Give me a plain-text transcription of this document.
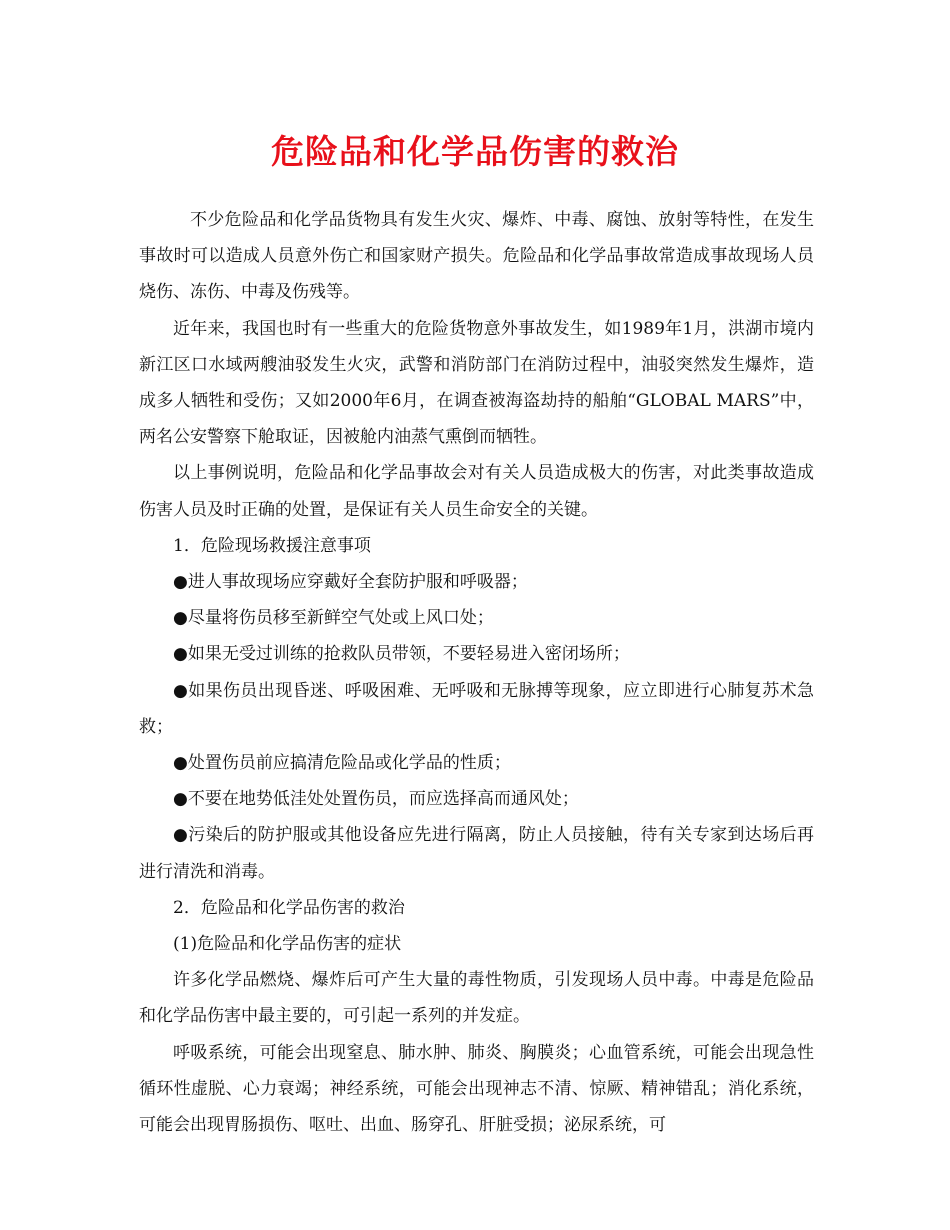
危险品和化学品伤害的救治

不少危险品和化学品货物具有发生火灾、爆炸、中毒、腐蚀、放射等特性，在发生事故时可以造成人员意外伤亡和国家财产损失。危险品和化学品事故常造成事故现场人员烧伤、冻伤、中毒及伤残等。

近年来，我国也时有一些重大的危险货物意外事故发生，如1989年1月，洪湖市境内新江区口水域两艘油驳发生火灾，武警和消防部门在消防过程中，油驳突然发生爆炸，造成多人牺牲和受伤；又如2000年6月，在调查被海盗劫持的船舶“GLOBAL MARS”中，两名公安警察下舱取证，因被舱内油蒸气熏倒而牺牲。

以上事例说明，危险品和化学品事故会对有关人员造成极大的伤害，对此类事故造成伤害人员及时正确的处置，是保证有关人员生命安全的关键。

1．危险现场救援注意事项

●进人事故现场应穿戴好全套防护服和呼吸器；

●尽量将伤员移至新鲜空气处或上风口处；

●如果无受过训练的抢救队员带领，不要轻易进入密闭场所；

●如果伤员出现昏迷、呼吸困难、无呼吸和无脉搏等现象，应立即进行心肺复苏术急救；

●处置伤员前应搞清危险品或化学品的性质；

●不要在地势低洼处处置伤员，而应选择高而通风处；

●污染后的防护服或其他设备应先进行隔离，防止人员接触，待有关专家到达场后再进行清洗和消毒。

2．危险品和化学品伤害的救治

(1)危险品和化学品伤害的症状

许多化学品燃烧、爆炸后可产生大量的毒性物质，引发现场人员中毒。中毒是危险品和化学品伤害中最主要的，可引起一系列的并发症。

呼吸系统，可能会出现窒息、肺水肿、肺炎、胸膜炎；心血管系统，可能会出现急性循环性虚脱、心力衰竭；神经系统，可能会出现神志不清、惊厥、精神错乱；消化系统，可能会出现胃肠损伤、呕吐、出血、肠穿孔、肝脏受损；泌尿系统，可
